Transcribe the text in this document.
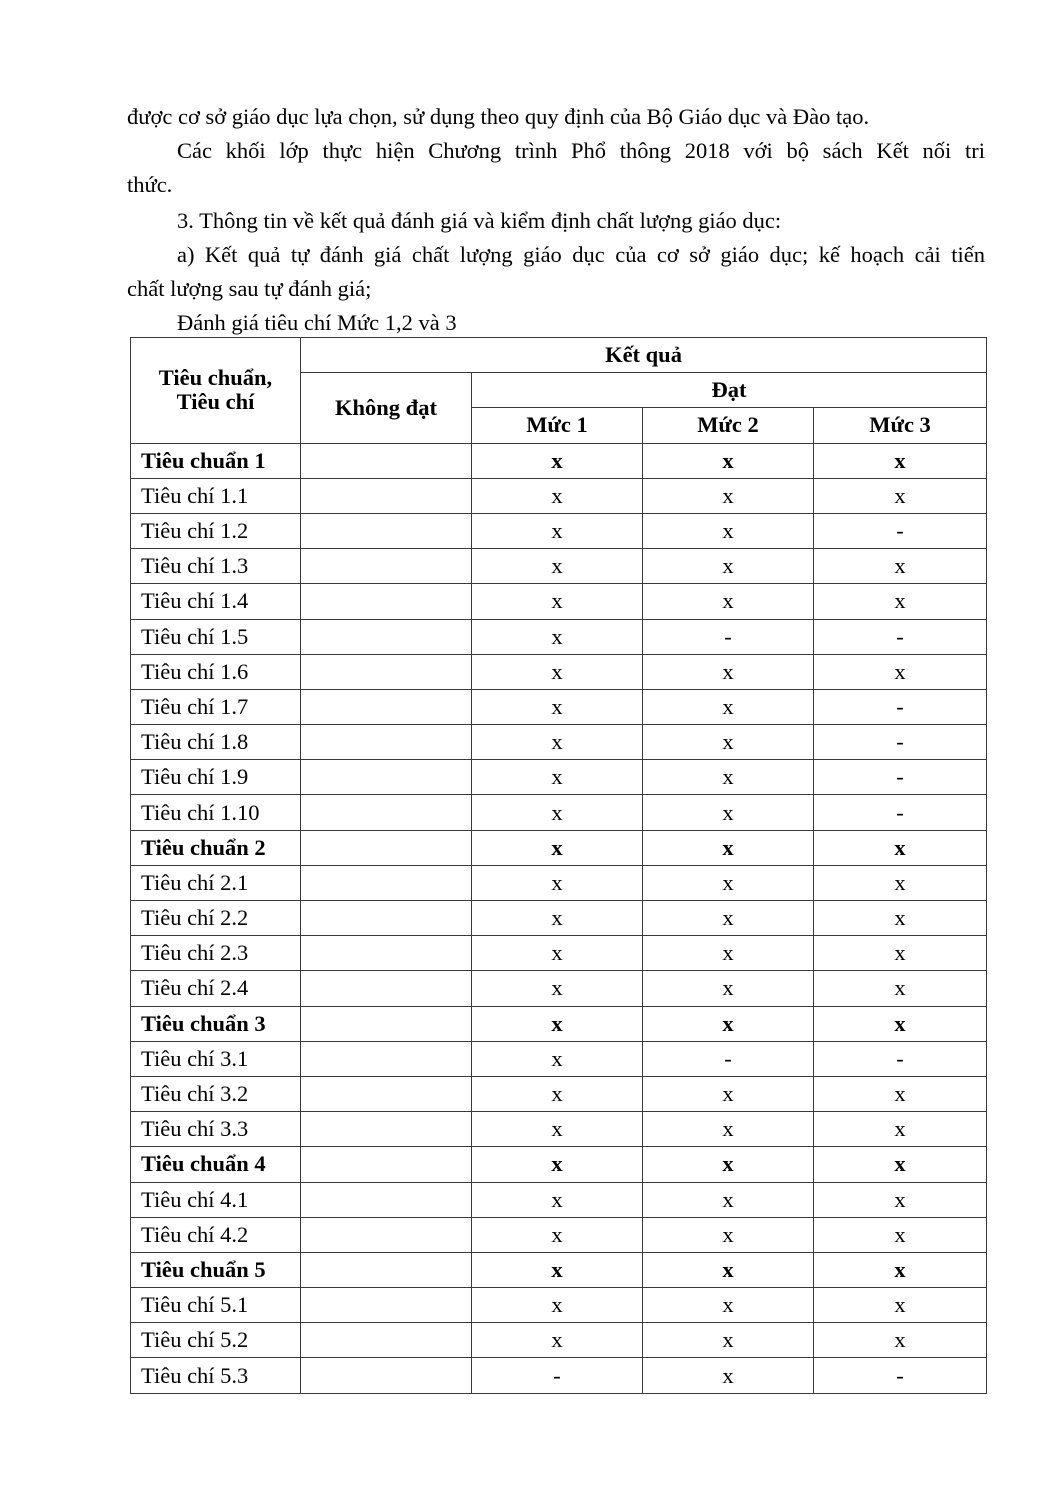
được cơ sở giáo dục lựa chọn, sử dụng theo quy định của Bộ Giáo dục và Đào tạo.

Các khối lớp thực hiện Chương trình Phổ thông 2018 với bộ sách Kết nối tri

thức.

3. Thông tin về kết quả đánh giá và kiểm định chất lượng giáo dục:

a) Kết quả tự đánh giá chất lượng giáo dục của cơ sở giáo dục; kế hoạch cải tiến

chất lượng sau tự đánh giá;

Đánh giá tiêu chí Mức 1,2 và 3

Tiêu chuẩn,
Tiêu chí	Kết quả			
	Không đạt	Đạt		
		Mức 1	Mức 2	Mức 3
Tiêu chuẩn 1		x	x	x
Tiêu chí 1.1		x	x	x
Tiêu chí 1.2		x	x	-
Tiêu chí 1.3		x	x	x
Tiêu chí 1.4		x	x	x
Tiêu chí 1.5		x	-	-
Tiêu chí 1.6		x	x	x
Tiêu chí 1.7		x	x	-
Tiêu chí 1.8		x	x	-
Tiêu chí 1.9		x	x	-
Tiêu chí 1.10		x	x	-
Tiêu chuẩn 2		x	x	x
Tiêu chí 2.1		x	x	x
Tiêu chí 2.2		x	x	x
Tiêu chí 2.3		x	x	x
Tiêu chí 2.4		x	x	x
Tiêu chuẩn 3		x	x	x
Tiêu chí 3.1		x	-	-
Tiêu chí 3.2		x	x	x
Tiêu chí 3.3		x	x	x
Tiêu chuẩn 4		x	x	x
Tiêu chí 4.1		x	x	x
Tiêu chí 4.2		x	x	x
Tiêu chuẩn 5		x	x	x
Tiêu chí 5.1		x	x	x
Tiêu chí 5.2		x	x	x
Tiêu chí 5.3		-	x	-
